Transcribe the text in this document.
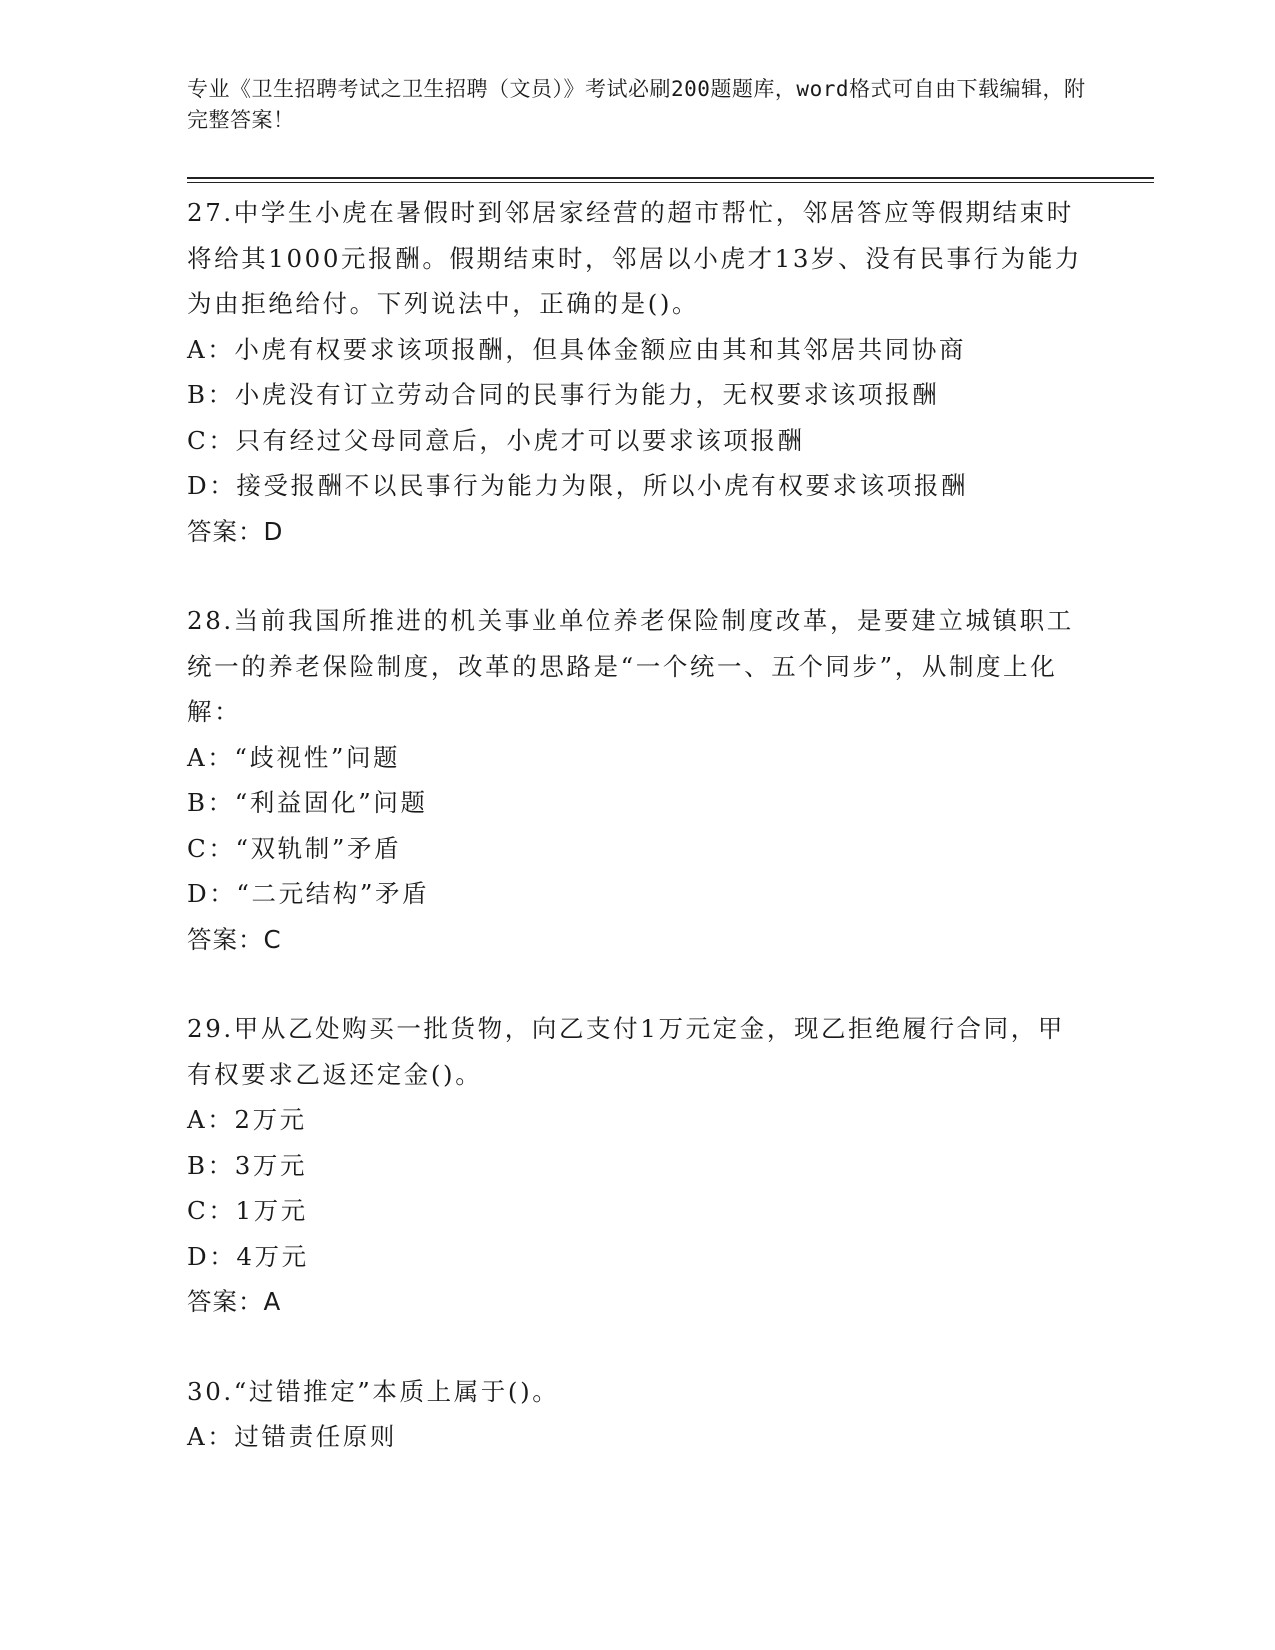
专业《卫生招聘考试之卫生招聘（文员）》考试必刷200题题库，word格式可自由下载编辑，附完整答案！
27.中学生小虎在暑假时到邻居家经营的超市帮忙，邻居答应等假期结束时将给其1000元报酬。假期结束时，邻居以小虎才13岁、没有民事行为能力为由拒绝给付。下列说法中，正确的是()。
A：小虎有权要求该项报酬，但具体金额应由其和其邻居共同协商
B：小虎没有订立劳动合同的民事行为能力，无权要求该项报酬
C：只有经过父母同意后，小虎才可以要求该项报酬
D：接受报酬不以民事行为能力为限，所以小虎有权要求该项报酬
答案：D
28.当前我国所推进的机关事业单位养老保险制度改革，是要建立城镇职工统一的养老保险制度，改革的思路是“一个统一、五个同步”，从制度上化解：
A：“歧视性”问题
B：“利益固化”问题
C：“双轨制”矛盾
D：“二元结构”矛盾
答案：C
29.甲从乙处购买一批货物，向乙支付1万元定金，现乙拒绝履行合同，甲有权要求乙返还定金()。
A：2万元
B：3万元
C：1万元
D：4万元
答案：A
30.“过错推定”本质上属于()。
A：过错责任原则
